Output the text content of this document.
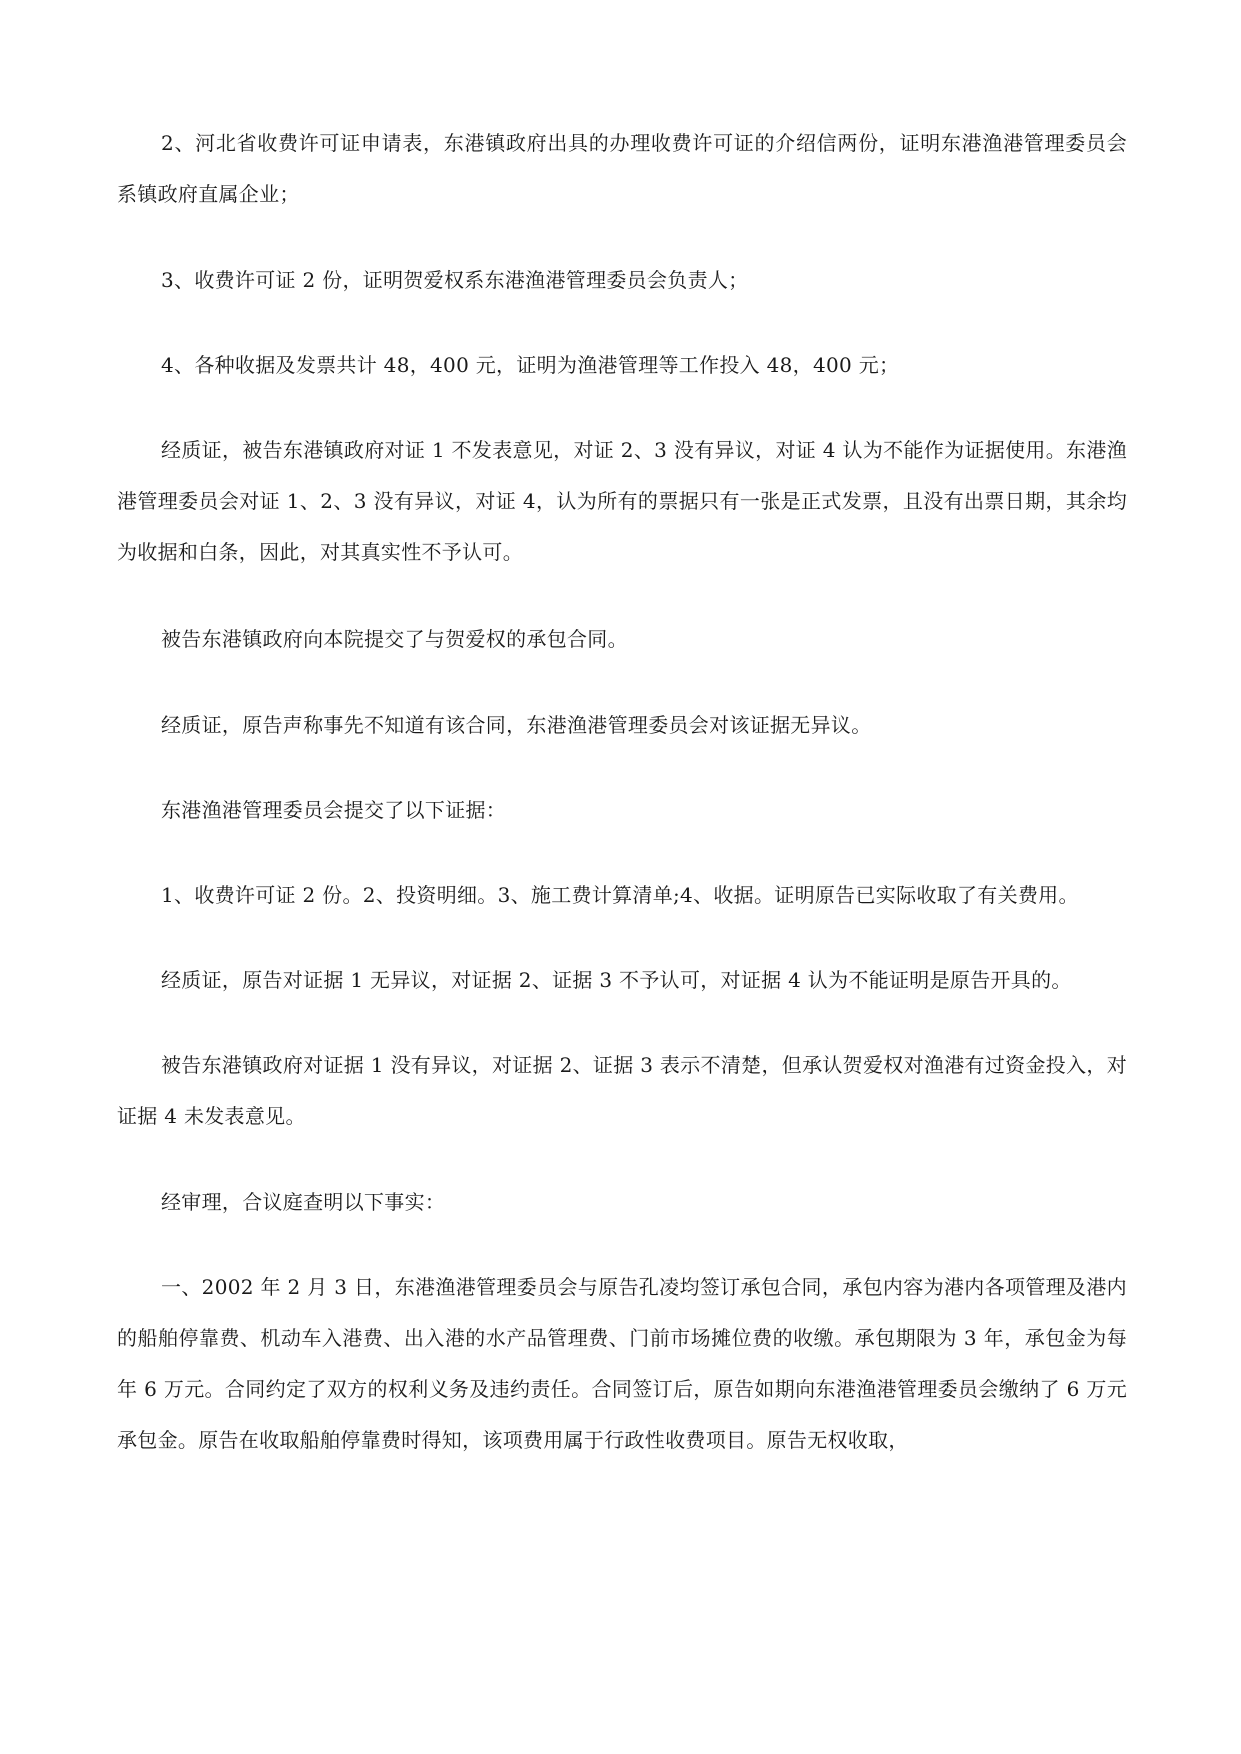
2、河北省收费许可证申请表，东港镇政府出具的办理收费许可证的介绍信两份，证明东港渔港管理委员会系镇政府直属企业；

3、收费许可证 2 份，证明贺爱权系东港渔港管理委员会负责人；

4、各种收据及发票共计 48，400 元，证明为渔港管理等工作投入 48，400 元；

经质证，被告东港镇政府对证 1 不发表意见，对证 2、3 没有异议，对证 4 认为不能作为证据使用。东港渔港管理委员会对证 1、2、3 没有异议，对证 4，认为所有的票据只有一张是正式发票，且没有出票日期，其余均为收据和白条，因此，对其真实性不予认可。

被告东港镇政府向本院提交了与贺爱权的承包合同。

经质证，原告声称事先不知道有该合同，东港渔港管理委员会对该证据无异议。

东港渔港管理委员会提交了以下证据：

1、收费许可证 2 份。2、投资明细。3、施工费计算清单;4、收据。证明原告已实际收取了有关费用。

经质证，原告对证据 1 无异议，对证据 2、证据 3 不予认可，对证据 4 认为不能证明是原告开具的。

被告东港镇政府对证据 1 没有异议，对证据 2、证据 3 表示不清楚，但承认贺爱权对渔港有过资金投入，对证据 4 未发表意见。

经审理，合议庭查明以下事实：

一、2002 年 2 月 3 日，东港渔港管理委员会与原告孔凌均签订承包合同，承包内容为港内各项管理及港内的船舶停靠费、机动车入港费、出入港的水产品管理费、门前市场摊位费的收缴。承包期限为 3 年，承包金为每年 6 万元。合同约定了双方的权利义务及违约责任。合同签订后，原告如期向东港渔港管理委员会缴纳了 6 万元承包金。原告在收取船舶停靠费时得知，该项费用属于行政性收费项目。原告无权收取，
